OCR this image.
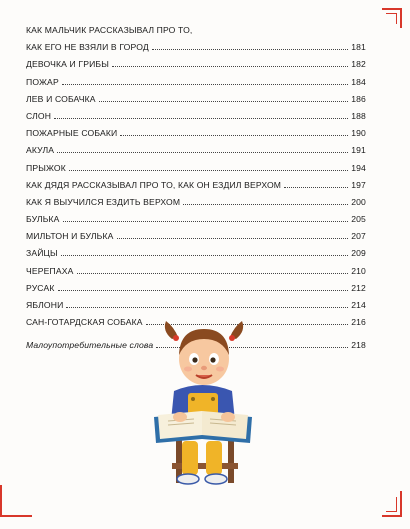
КАК МАЛЬЧИК РАССКАЗЫВАЛ ПРО ТО,
КАК ЕГО НЕ ВЗЯЛИ В ГОРОД	181
ДЕВОЧКА И ГРИБЫ	182
ПОЖАР	184
ЛЕВ И СОБАЧКА	186
СЛОН	188
ПОЖАРНЫЕ СОБАКИ	190
АКУЛА	191
ПРЫЖОК	194
КАК ДЯДЯ РАССКАЗЫВАЛ ПРО ТО, КАК ОН ЕЗДИЛ ВЕРХОМ	197
КАК Я ВЫУЧИЛСЯ ЕЗДИТЬ ВЕРХОМ	200
БУЛЬКА	205
МИЛЬТОН И БУЛЬКА	207
ЗАЙЦЫ	209
ЧЕРЕПАХА	210
РУСАК	212
ЯБЛОНИ	214
САН-ГОТАРДСКАЯ СОБАКА	216
Малоупотребительные слова	218
